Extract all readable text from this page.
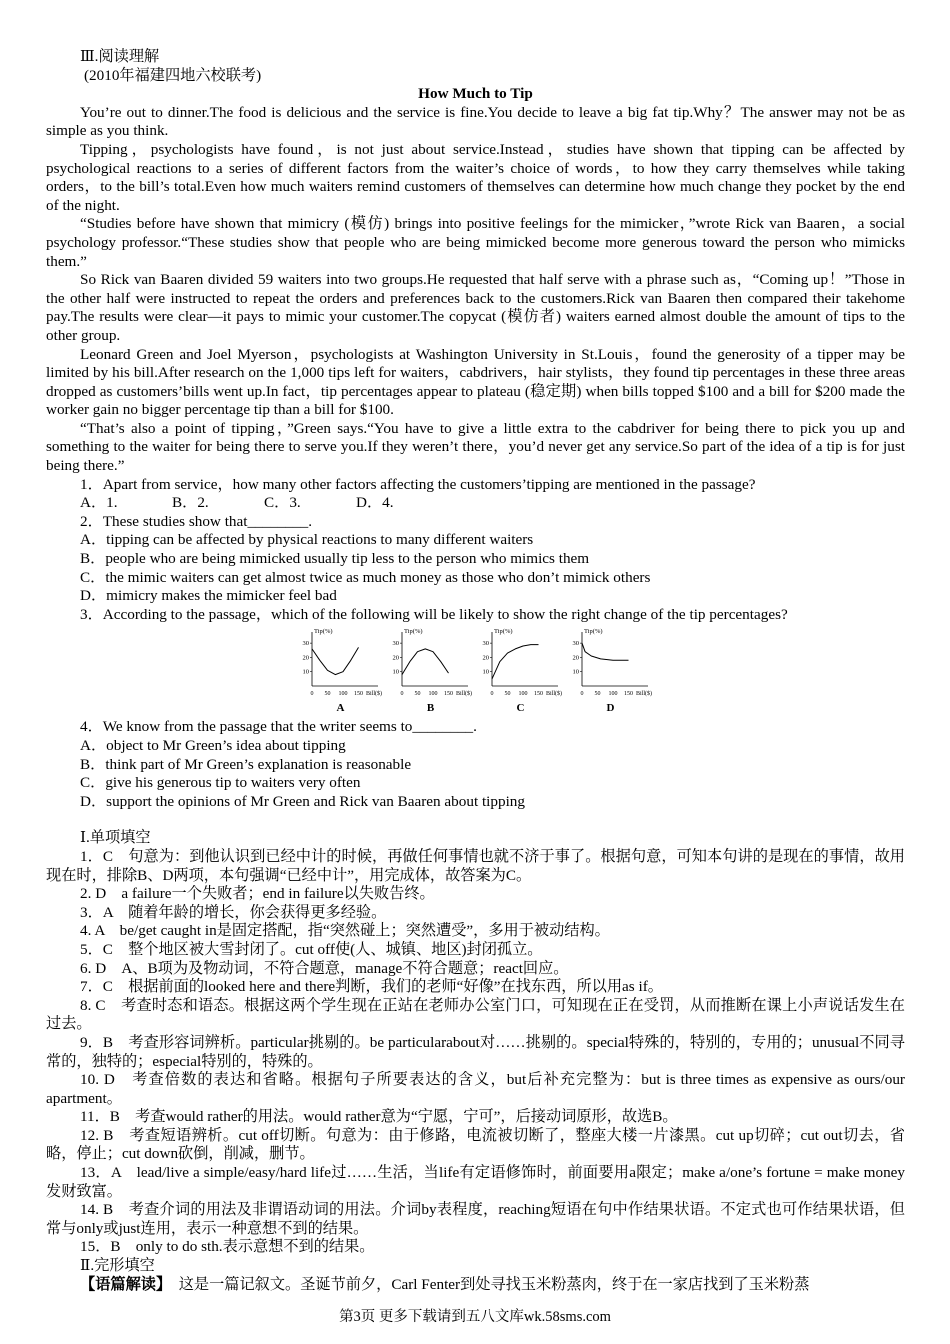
Ⅲ.阅读理解

(2010年福建四地六校联考)

How Much to Tip

You’re out to dinner.The food is delicious and the service is fine.You decide to leave a big fat tip.Why？The answer may not be as simple as you think.

Tipping，psychologists have found，is not just about service.Instead，studies have shown that tipping can be affected by psychological reactions to a series of different factors from the waiter’s choice of words，to how they carry themselves while taking orders，to the bill’s total.Even how much waiters remind customers of themselves can determine how much change they pocket by the end of the night.

“Studies before have shown that mimicry (模仿) brings into positive feelings for the mimicker，”wrote Rick van Baaren，a social psychology professor.“These studies show that people who are being mimicked become more generous toward the person who mimicks them.”

So Rick van Baaren divided 59 waiters into two groups.He requested that half serve with a phrase such as，“Coming up！”Those in the other half were instructed to repeat the orders and preferences back to the customers.Rick van Baaren then compared their takehome pay.The results were clear—it pays to mimic your customer.The copycat (模仿者) waiters earned almost double the amount of tips to the other group.

Leonard Green and Joel Myerson，psychologists at Washington University in St.Louis，found the generosity of a tipper may be limited by his bill.After research on the 1,000 tips left for waiters，cabdrivers，hair stylists，they found tip percentages in these three areas dropped as customers’bills went up.In fact，tip percentages appear to plateau (稳定期) when bills topped $100 and a bill for $200 made the worker gain no bigger percentage tip than a bill for $100.

“That’s also a point of tipping，”Green says.“You have to give a little extra to the cabdriver for being there to pick you up and something to the waiter for being there to serve you.If they weren’t there，you’d never get any service.So part of the idea of a tip is for just being there.”

1．Apart from service，how many other factors affecting the customers’tipping are mentioned in the passage?

A．1.	B．2.	C．3.	D．4.

2．These studies show that________.

A．tipping can be affected by physical reactions to many different waiters

B．people who are being mimicked usually tip less to the person who mimics them

C．the mimic waiters can get almost twice as much money as those who don’t mimick others

D．mimicry makes the mimicker feel bad

3．According to the passage，which of the following will be likely to show the right change of the tip percentages?

Tip(%)
Bill($)
10
20
30
0 50 100 150
A
Tip(%)
Bill($)
10
20
30
0 50 100 150
B
Tip(%)
Bill($)
10
20
30
0 50 100 150
C
Tip(%)
Bill($)
10
20
30
0 50 100 150
D

4．We know from the passage that the writer seems to________.

A．object to Mr Green’s idea about tipping

B．think part of Mr Green’s explanation is reasonable

C．give his generous tip to waiters very often

D．support the opinions of Mr Green and Rick van Baaren about tipping

Ⅰ.单项填空

1．C　句意为：到他认识到已经中计的时候，再做任何事情也就不济于事了。根据句意，可知本句讲的是现在的事情，故用现在时，排除B、D两项，本句强调“已经中计”，用完成体，故答案为C。

2. D　a failure一个失败者；end in failure以失败告终。

3．A　随着年龄的增长，你会获得更多经验。

4. A　be/get caught in是固定搭配，指“突然碰上；突然遭受”，多用于被动结构。

5．C　整个地区被大雪封闭了。cut off使(人、城镇、地区)封闭孤立。

6. D　A、B项为及物动词，不符合题意，manage不符合题意；react回应。

7．C　根据前面的looked here and there判断，我们的老师“好像”在找东西，所以用as if。

8. C　考查时态和语态。根据这两个学生现在正站在老师办公室门口，可知现在正在受罚，从而推断在课上小声说话发生在过去。

9．B　考查形容词辨析。particular挑剔的。be particularabout对……挑剔的。special特殊的，特别的，专用的；unusual不同寻常的，独特的；especial特别的，特殊的。

10. D　考查倍数的表达和省略。根据句子所要表达的含义，but后补充完整为：but is three times as expensive as ours/our apartment。

11．B　考查would rather的用法。would rather意为“宁愿，宁可”，后接动词原形，故选B。

12. B　考查短语辨析。cut off切断。句意为：由于修路，电流被切断了，整座大楼一片漆黑。cut up切碎；cut out切去，省略，停止；cut down砍倒，削减，删节。

13．A　lead/live a simple/easy/hard life过……生活，当life有定语修饰时，前面要用a限定；make a/one’s fortune = make money发财致富。

14. B　考查介词的用法及非谓语动词的用法。介词by表程度，reaching短语在句中作结果状语。不定式也可作结果状语，但常与only或just连用，表示一种意想不到的结果。

15．B　only to do sth.表示意想不到的结果。

Ⅱ.完形填空

【语篇解读】　这是一篇记叙文。圣诞节前夕，Carl Fenter到处寻找玉米粉蒸肉，终于在一家店找到了玉米粉蒸

第3页 更多下载请到五八文库wk.58sms.com
